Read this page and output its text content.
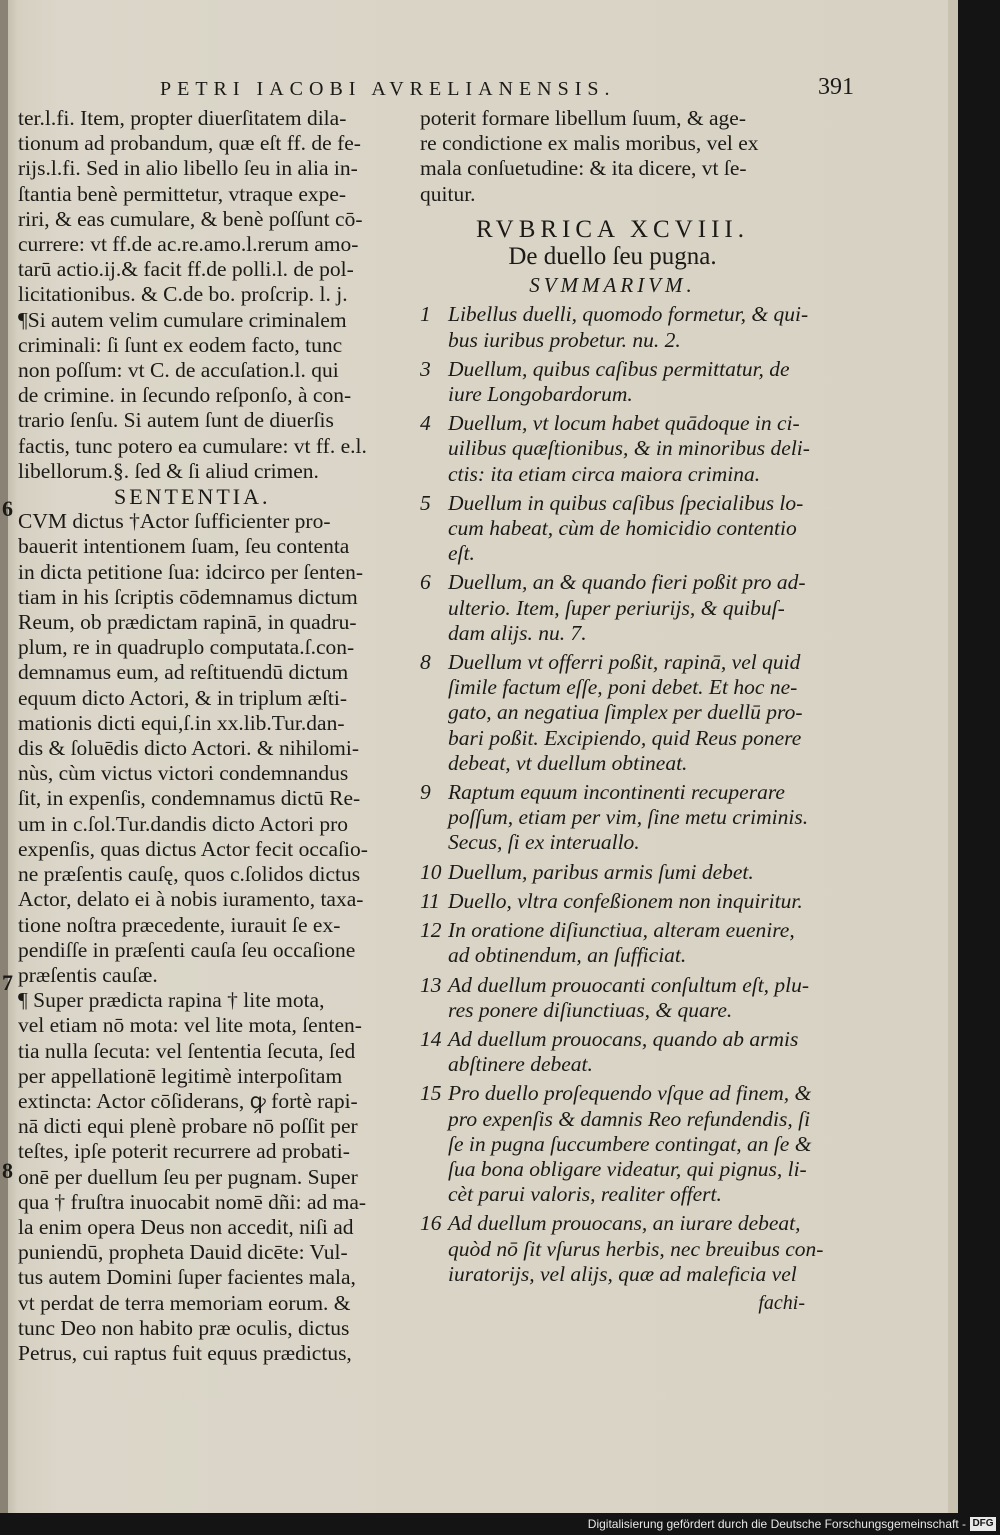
PETRI IACOBI AVRELIANENSIS.	391
ter.l.fi. Item, propter diuerſitatem dila-
tionum ad probandum, quæ eſt ff. de fe-
rijs.l.fi. Sed in alio libello ſeu in alia in-
ſtantia benè permittetur, vtraque expe-
riri, & eas cumulare, & benè poſſunt cō-
currere: vt ff.de ac.re.amo.l.rerum amo-
tarū actio.ij.& facit ff.de polli.l. de pol-
licitationibus. & C.de bo. proſcrip. l. j.
¶Si autem velim cumulare criminalem
criminali: ſi ſunt ex eodem facto, tunc
non poſſum: vt C. de accuſation.l. qui
de crimine. in ſecundo reſponſo, à con-
trario ſenſu. Si autem ſunt de diuerſis
factis, tunc potero ea cumulare: vt ff. e.l.
libellorum.§. ſed & ſi aliud crimen.
SENTENTIA.
CVM dictus †Actor ſufficienter pro-
bauerit intentionem ſuam, ſeu contenta
in dicta petitione ſua: idcirco per ſenten-
tiam in his ſcriptis cōdemnamus dictum
Reum, ob prædictam rapinā, in quadru-
plum, re in quadruplo computata.ſ.con-
demnamus eum, ad reſtituendū dictum
equum dicto Actori, & in triplum æſti-
mationis dicti equi,ſ.in xx.lib.Tur.dan-
dis & ſoluēdis dicto Actori. & nihilomi-
nùs, cùm victus victori condemnandus
ſit, in expenſis, condemnamus dictū Re-
um in c.ſol.Tur.dandis dicto Actori pro
expenſis, quas dictus Actor fecit occaſio-
ne præſentis cauſę, quos c.ſolidos dictus
Actor, delato ei à nobis iuramento, taxa-
tione noſtra præcedente, iurauit ſe ex-
pendiſſe in præſenti cauſa ſeu occaſione
præſentis cauſæ.
¶ Super prædicta rapina † lite mota,
vel etiam nō mota: vel lite mota, ſenten-
tia nulla ſecuta: vel ſententia ſecuta, ſed
per appellationē legitimè interpoſitam
extincta: Actor cōſiderans, ꝙ fortè rapi-
nā dicti equi plenè probare nō poſſit per
teſtes, ipſe poterit recurrere ad probati-
onē per duellum ſeu per pugnam. Super
qua † fruſtra inuocabit nomē dñi: ad ma-
la enim opera Deus non accedit, niſi ad
puniendū, propheta Dauid dicēte: Vul-
tus autem Domini ſuper facientes mala,
vt perdat de terra memoriam eorum. &
tunc Deo non habito præ oculis, dictus
Petrus, cui raptus fuit equus prædictus,
6
7
8
poterit formare libellum ſuum, & age-
re condictione ex malis moribus, vel ex
mala conſuetudine: & ita dicere, vt ſe-
quitur.
RVBRICA XCVIII.
De duello ſeu pugna.
SVMMARIVM.
1 Libellus duelli, quomodo formetur, & qui-
bus iuribus probetur. nu. 2.
3 Duellum, quibus caſibus permittatur, de
iure Longobardorum.
4 Duellum, vt locum habet quādoque in ci-
uilibus quæſtionibus, & in minoribus deli-
ctis: ita etiam circa maiora crimina.
5 Duellum in quibus caſibus ſpecialibus lo-
cum habeat, cùm de homicidio contentio
eſt.
6 Duellum, an & quando fieri poßit pro ad-
ulterio. Item, ſuper periurijs, & quibuſ-
dam alijs. nu. 7.
8 Duellum vt offerri poßit, rapinā, vel quid
ſimile factum eſſe, poni debet. Et hoc ne-
gato, an negatiua ſimplex per duellū pro-
bari poßit. Excipiendo, quid Reus ponere
debeat, vt duellum obtineat.
9 Raptum equum incontinenti recuperare
poſſum, etiam per vim, ſine metu criminis.
Secus, ſi ex interuallo.
10 Duellum, paribus armis ſumi debet.
11 Duello, vltra confeßionem non inquiritur.
12 In oratione diſiunctiua, alteram euenire,
ad obtinendum, an ſufficiat.
13 Ad duellum prouocanti conſultum eſt, plu-
res ponere diſiunctiuas, & quare.
14 Ad duellum prouocans, quando ab armis
abſtinere debeat.
15 Pro duello proſequendo vſque ad finem, &
pro expenſis & damnis Reo refundendis, ſi
ſe in pugna ſuccumbere contingat, an ſe &
ſua bona obligare videatur, qui pignus, li-
cèt parui valoris, realiter offert.
16 Ad duellum prouocans, an iurare debeat,
quòd nō ſit vſurus herbis, nec breuibus con-
iuratorijs, vel alijs, quæ ad maleficia vel
fachi-
Digitalisierung gefördert durch die Deutsche Forschungsgemeinschaft - DFG
